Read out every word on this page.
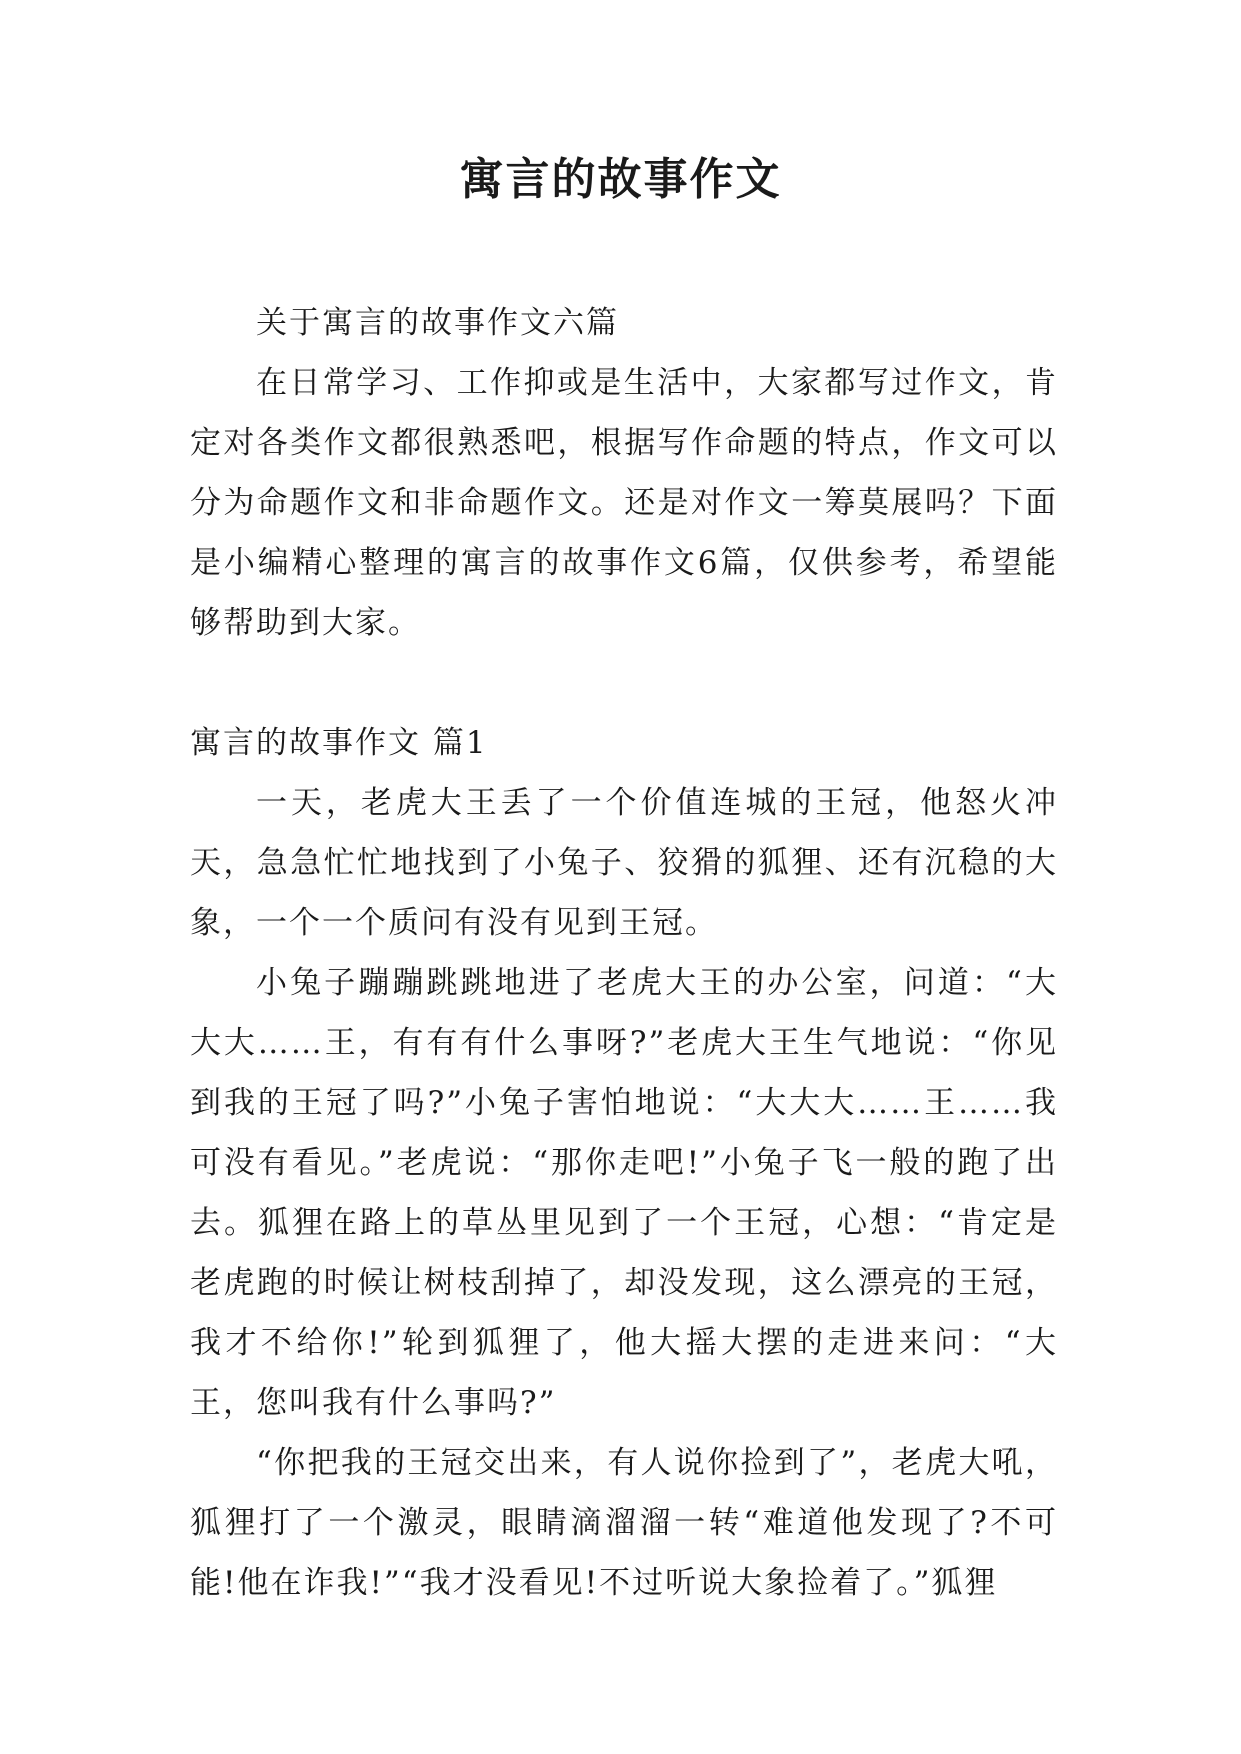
寓言的故事作文

关于寓言的故事作文六篇

在日常学习、工作抑或是生活中，大家都写过作文，肯定对各类作文都很熟悉吧，根据写作命题的特点，作文可以分为命题作文和非命题作文。还是对作文一筹莫展吗？下面是小编精心整理的寓言的故事作文6篇，仅供参考，希望能够帮助到大家。

寓言的故事作文 篇1

一天，老虎大王丢了一个价值连城的王冠，他怒火冲天，急急忙忙地找到了小兔子、狡猾的狐狸、还有沉稳的大象，一个一个质问有没有见到王冠。

小兔子蹦蹦跳跳地进了老虎大王的办公室，问道：“大大大……王，有有有什么事呀?”老虎大王生气地说：“你见到我的王冠了吗?”小兔子害怕地说：“大大大……王……我可没有看见。”老虎说：“那你走吧!”小兔子飞一般的跑了出去。狐狸在路上的草丛里见到了一个王冠，心想：“肯定是老虎跑的时候让树枝刮掉了，却没发现，这么漂亮的王冠，我才不给你!”轮到狐狸了，他大摇大摆的走进来问：“大王，您叫我有什么事吗?”

“你把我的王冠交出来，有人说你捡到了”，老虎大吼，狐狸打了一个激灵，眼睛滴溜溜一转“难道他发现了?不可能!他在诈我!”“我才没看见!不过听说大象捡着了。”狐狸
